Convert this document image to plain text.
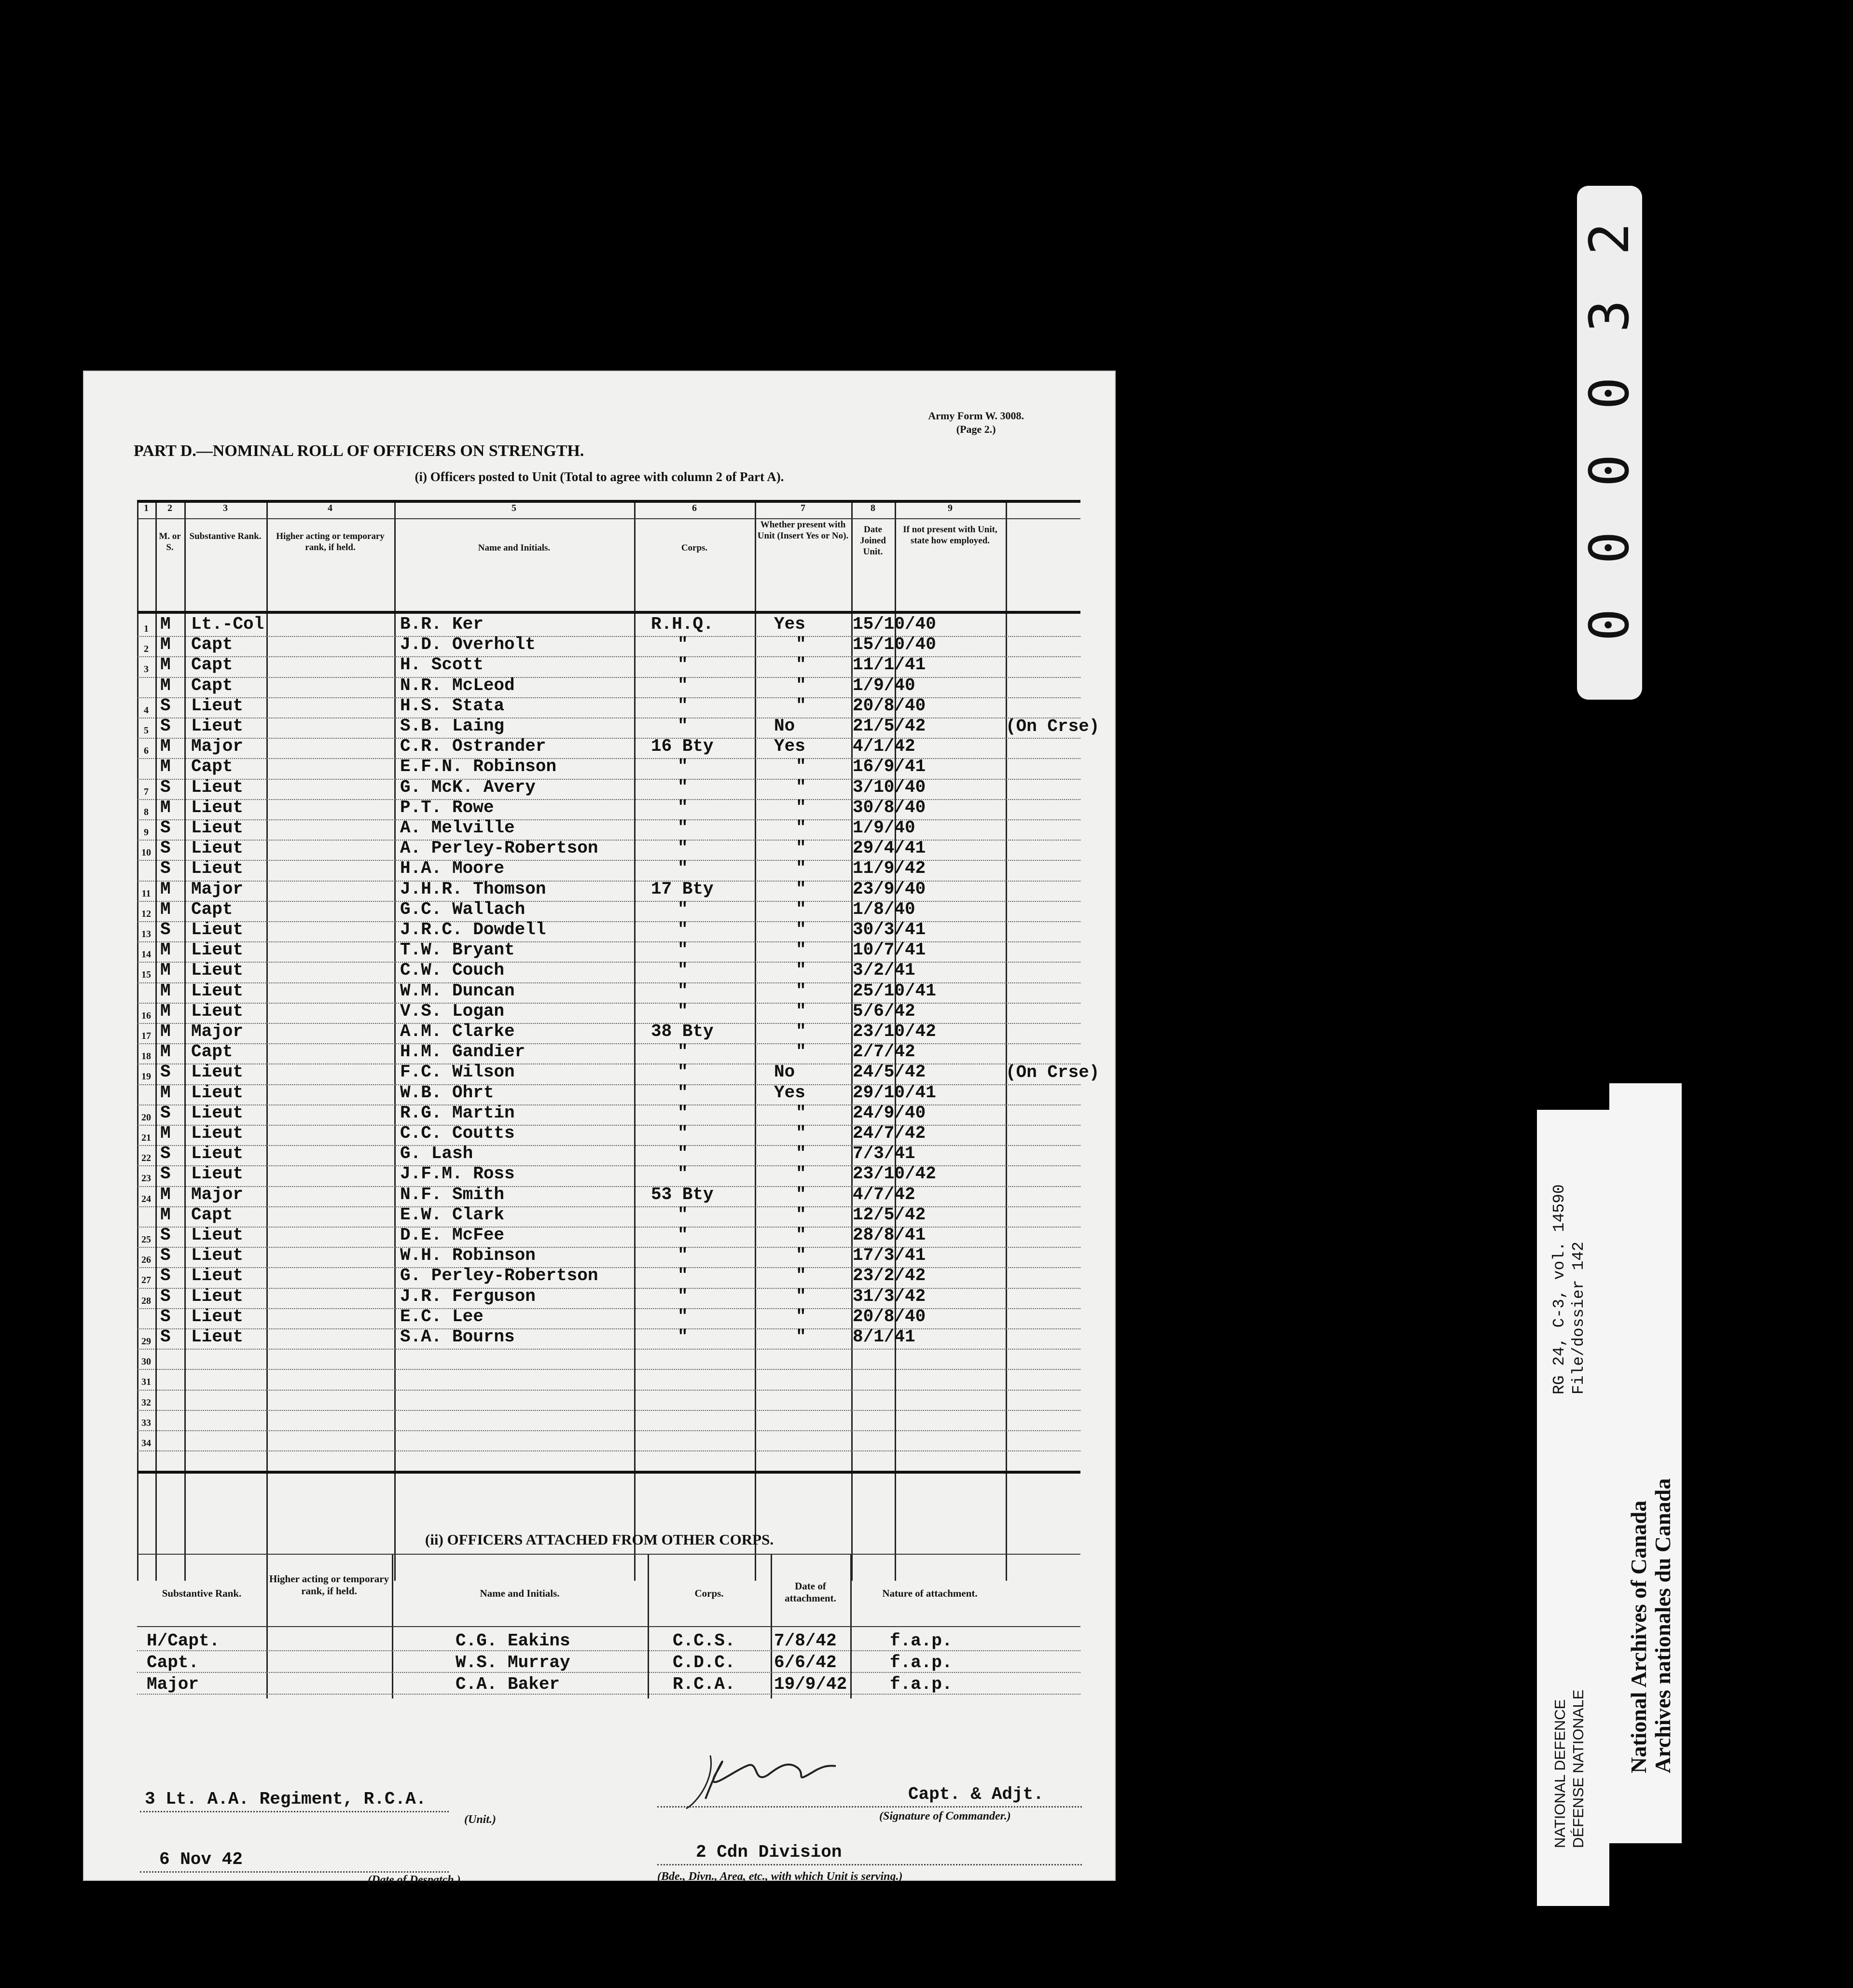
Army Form W. 3008.
(Page 2.)
PART D.—NOMINAL ROLL OF OFFICERS ON STRENGTH.
(i) Officers posted to Unit (Total to agree with column 2 of Part A).
M. or S.
Substantive Rank.	Higher acting or temporary rank, if held.	Name and Initials.	Corps.
Whether present with Unit (Insert Yes or No).
Date Joined Unit.
If not present with Unit, state how employed.
1	2	3	4	5	6	7	8	9
1 M Lt.-Col	B.R. Ker	R.H.Q.	Yes	15/10/40
2 M Capt	J.D. Overholt	"	"	15/10/40
3 M Capt	H. Scott	"	"	11/1/41
M Capt	N.R. McLeod	"	"	1/9/40
4 S Lieut	H.S. Stata	"	"	20/8/40
5 S Lieut	S.B. Laing	"	No	21/5/42	(On Crse)
6 M Major	C.R. Ostrander	16 Bty	Yes	4/1/42
M Capt	E.F.N. Robinson	"	"	16/9/41
7 S Lieut	G. McK. Avery	"	"	3/10/40
8 M Lieut	P.T. Rowe	"	"	30/8/40
9 S Lieut	A. Melville	"	"	1/9/40
10 S Lieut	A. Perley-Robertson	"	"	29/4/41
S Lieut	H.A. Moore	"	"	11/9/42
11 M Major	J.H.R. Thomson	17 Bty	"	23/9/40
12 M Capt	G.C. Wallach	"	"	1/8/40
13 S Lieut	J.R.C. Dowdell	"	"	30/3/41
14 M Lieut	T.W. Bryant	"	"	10/7/41
15 M Lieut	C.W. Couch	"	"	3/2/41
M Lieut	W.M. Duncan	"	"	25/10/41
16 M Lieut	V.S. Logan	"	"	5/6/42
17 M Major	A.M. Clarke	38 Bty	"	23/10/42
18 M Capt	H.M. Gandier	"	"	2/7/42
19 S Lieut	F.C. Wilson	"	No	24/5/42	(On Crse)
M Lieut	W.B. Ohrt	"	Yes	29/10/41
20 S Lieut	R.G. Martin	"	"	24/9/40
21 M Lieut	C.C. Coutts	"	"	24/7/42
22 S Lieut	G. Lash	"	"	7/3/41
23 S Lieut	J.F.M. Ross	"	"	23/10/42
24 M Major	N.F. Smith	53 Bty	"	4/7/42
M Capt	E.W. Clark	"	"	12/5/42
25 S Lieut	D.E. McFee	"	"	28/8/41
26 S Lieut	W.H. Robinson	"	"	17/3/41
27 S Lieut	G. Perley-Robertson	"	"	23/2/42
28 S Lieut	J.R. Ferguson	"	"	31/3/42
S Lieut	E.C. Lee	"	"	20/8/40
29 S Lieut	S.A. Bourns	"	"	8/1/41
30
31
32
33
34
(ii) OFFICERS ATTACHED FROM OTHER CORPS.
Substantive Rank.
Higher acting or temporary rank, if held.	Name and Initials.	Corps.
Date of attachment.	Nature of attachment.
H/Capt.	C.G. Eakins	C.C.S. 7/8/42	f.a.p.
Capt.	W.S. Murray	C.D.C. 6/6/42	f.a.p.
Major	C.A. Baker	R.C.A. 19/9/42 f.a.p.
3 Lt. A.A. Regiment, R.C.A.
(Unit.)
6 Nov 42
(Date of Despatch.)
Capt. & Adjt.
(Signature of Commander.)
2 Cdn Division
(Bde., Divn., Area, etc., with which Unit is serving.)
2
3
0
0
0
0
RG 24, C-3, vol. 14590 File/dossier 142
NATIONAL DEFENCE DÉFENSE NATIONALE National Archives of Canada Archives nationales du Canada
